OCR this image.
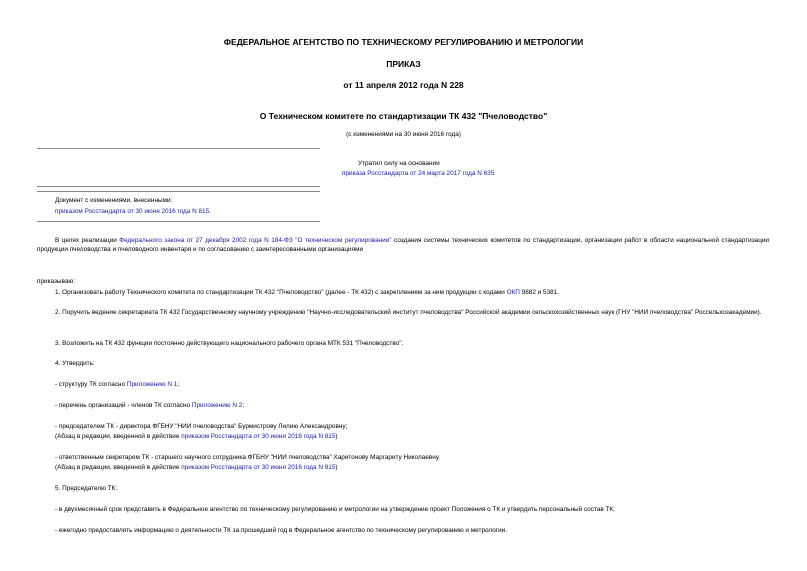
ФЕДЕРАЛЬНОЕ АГЕНТСТВО ПО ТЕХНИЧЕСКОМУ РЕГУЛИРОВАНИЮ И МЕТРОЛОГИИ
ПРИКАЗ
от 11 апреля 2012 года N 228
О Техническом комитете по стандартизации ТК 432 "Пчеловодство"
(с изменениями на 30 июня 2016 года)
Утратил силу на основании
приказа Росстандарта от 24 марта 2017 года N 635
Документ с изменениями, внесенными:
приказом Росстандарта от 30 июня 2016 года N 815.
В целях реализации Федерального закона от 27 декабря 2002 года N 184-ФЗ "О техническом регулировании" создания системы технических комитетов по стандартизации, организации работ в области национальной стандартизации продукции пчеловодства и пчеловодного инвентаря и по согласованию с заинтересованными организациями
приказываю:
1. Организовать работу Технического комитета по стандартизации ТК 432 "Пчеловодство" (далее - ТК 432) с закреплением за ним продукции с кодами ОКП 9882 и 5381.
2. Поручить ведение секретариата ТК 432 Государственному научному учреждению "Научно-исследовательский институт пчеловодства" Российской академии сельскохозяйственных наук (ГНУ "НИИ пчеловодства" Россельхозакадемии).
3. Возложить на ТК 432 функции постоянно действующего национального рабочего органа МТК 531 "Пчеловодство".
4. Утвердить:
- структуру ТК согласно Приложению N 1;
- перечень организаций - членов ТК согласно Приложению N 2;
- председателем ТК - директора ФГБНУ "НИИ пчеловодства" Бурмистрову Лилию Александровну;
(Абзац в редакции, введенной в действие приказом Росстандарта от 30 июня 2016 года N 815)
- ответственным секретарем ТК - старшего научного сотрудника ФГБНУ "НИИ пчеловодства" Харитонову Маргариту Николаевну.
(Абзац в редакции, введенной в действие приказом Росстандарта от 30 июня 2016 года N 815)
5. Председателю ТК:
- в двухмесячный срок представить в Федеральное агентство по техническому регулированию и метрологии на утверждение проект Положения о ТК и утвердить персональный состав ТК;
- ежегодно предоставлять информацию о деятельности ТК за прошедший год в Федеральное агентство по техническому регулированию и метрологии.
